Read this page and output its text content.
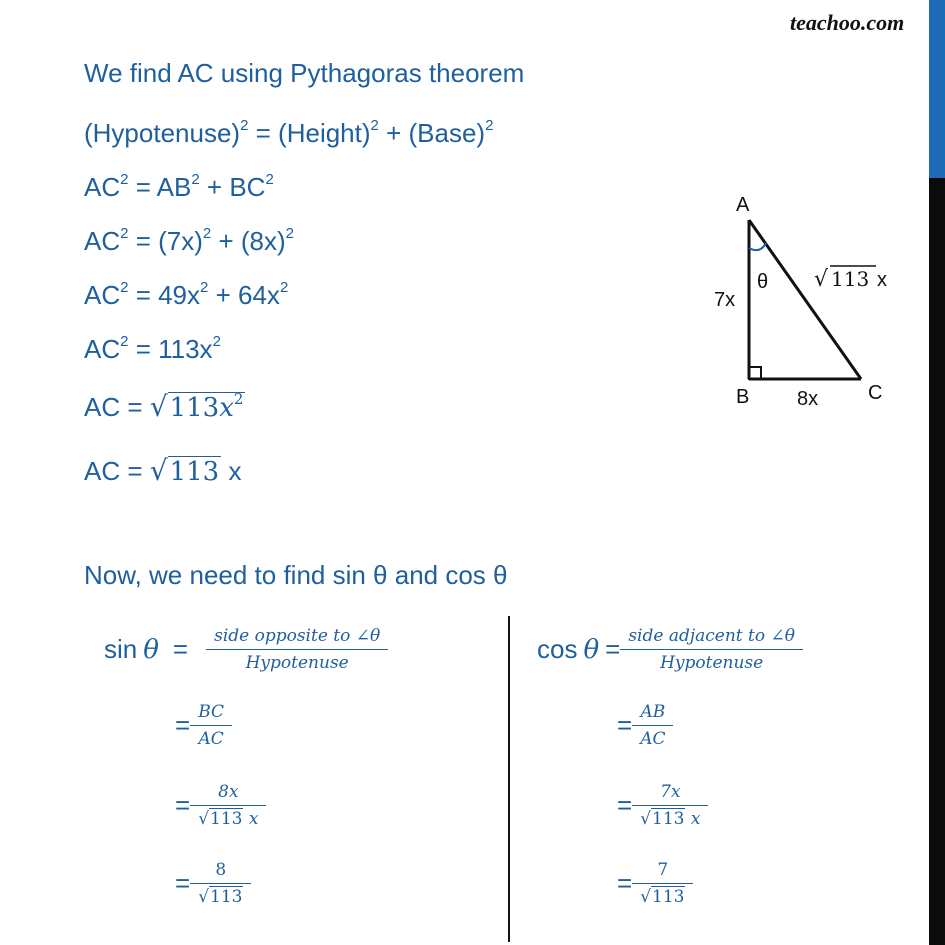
teachoo.com
We find AC using Pythagoras theorem
(Hypotenuse)$^2$ = (Height)$^2$ + (Base)$^2$
$AC^2 = AB^2 + BC^2$
$AC^2 = (7x)^2 + (8x)^2$
$AC^2 = 49x^2 + 64x^2$
$AC^2 = 113x^2$
AC = $√113x^2$
AC = √113 x
A
B	C
7x
8x
θ √ 113 x
Now, we need to find sin θ and cos θ
$\sin \theta = \frac{\text{side opposite to ∠θ}}{\text{Hypotenuse}}$
= $\frac{BC}{AC}$
= $\frac{8x}{√113 x}$
= $\frac{8}{√113}$
$\cos \theta = \frac{\text{side adjacent to ∠θ}}{\text{Hypotenuse}}$
= $\frac{AB}{AC}$
= $\frac{7x}{√113 x}$
= $\frac{7}{√113}$
